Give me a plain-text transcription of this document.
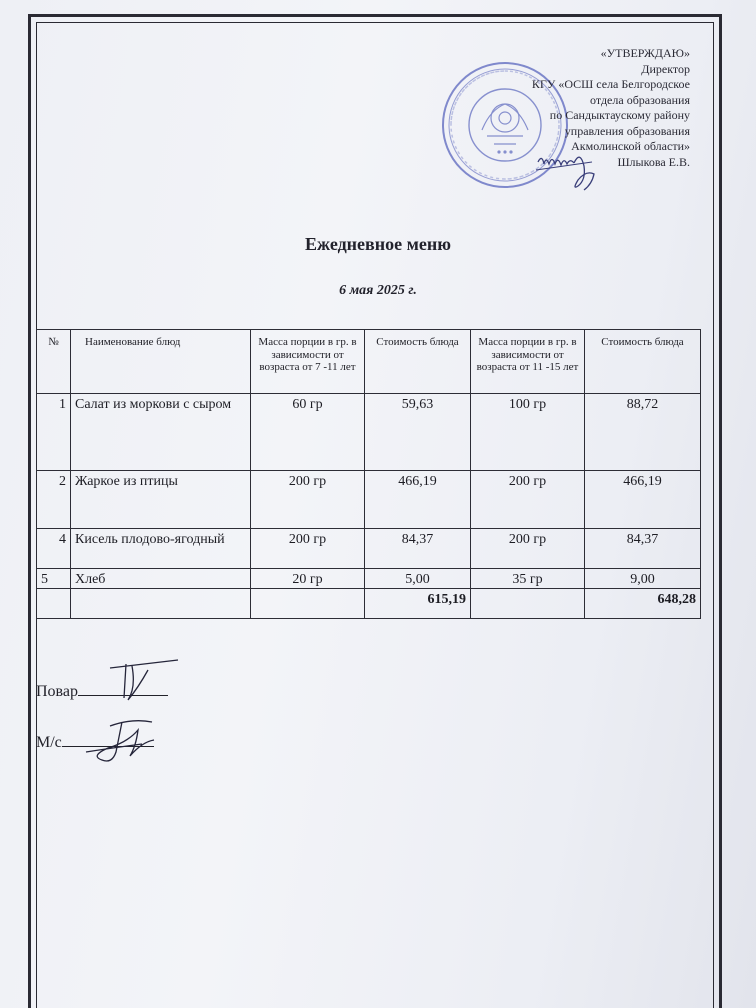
«УТВЕРЖДАЮ»
Директор
КГУ «ОСШ села Белгородское
отдела образования
по Сандыктаускому району
управления образования
Акмолинской области»
Шлыкова Е.В.
Ежедневное меню
6 мая 2025 г.
№	Наименование блюд	Масса порции в гр. в зависимости от возраста от 7 -11 лет	Стоимость блюда	Масса порции в гр. в зависимости от возраста от 11 -15 лет	Стоимость блюда
1	Салат из моркови с сыром	60 гр	59,63	100 гр	88,72
2	Жаркое из птицы	200 гр	466,19	200 гр	466,19
4	Кисель плодово-ягодный	200 гр	84,37	200 гр	84,37
5	Хлеб	20 гр	5,00	35 гр	9,00
			615,19		648,28
Повар
М/с
